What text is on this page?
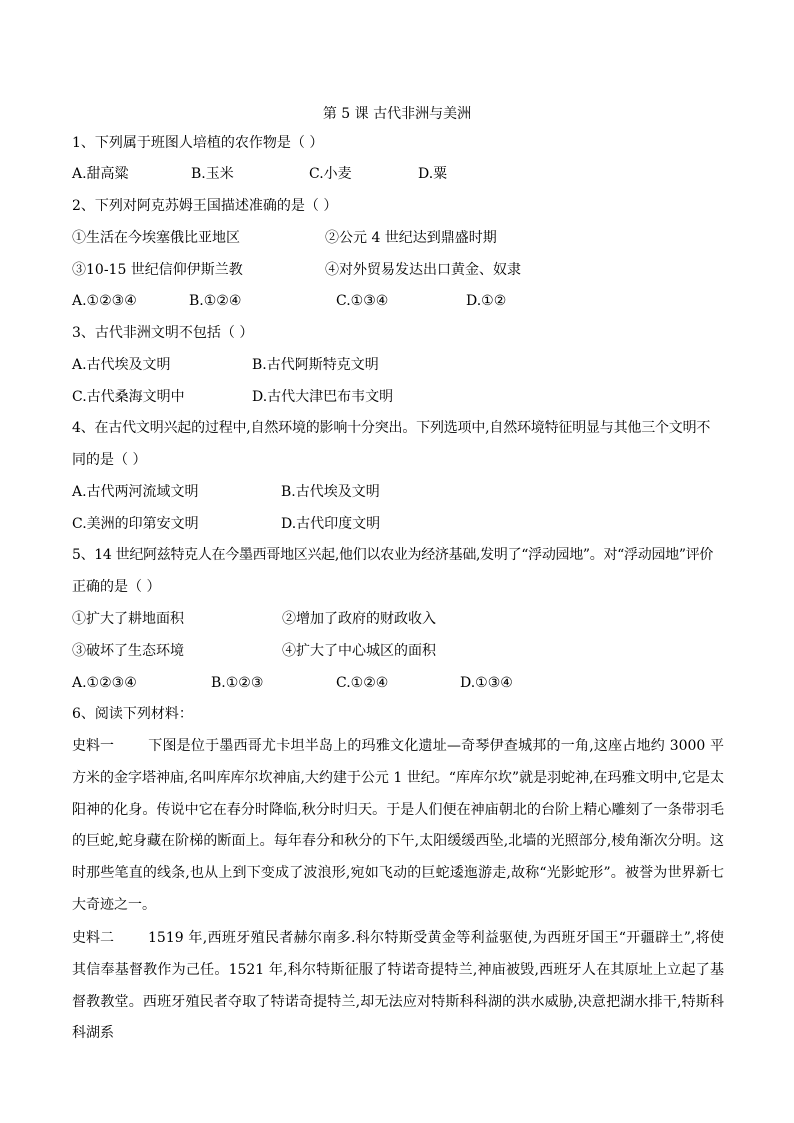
第 5 课 古代非洲与美洲
1、下列属于班图人培植的农作物是（ ）
A.甜高粱	B.玉米	C.小麦	D.粟
2、下列对阿克苏姆王国描述准确的是（ ）
①生活在今埃塞俄比亚地区	②公元 4 世纪达到鼎盛时期
③10-15 世纪信仰伊斯兰教	④对外贸易发达出口黄金、奴隶
A.①②③④	B.①②④	C.①③④	D.①②
3、古代非洲文明不包括（ ）
A.古代埃及文明	B.古代阿斯特克文明
C.古代桑海文明中	D.古代大津巴布韦文明
4、在古代文明兴起的过程中,自然环境的影响十分突出。下列选项中,自然环境特征明显与其他三个文明不
同的是（ ）
A.古代两河流域文明	B.古代埃及文明
C.美洲的印第安文明	D.古代印度文明
5、14 世纪阿兹特克人在今墨西哥地区兴起,他们以农业为经济基础,发明了“浮动园地”。对“浮动园地”评价
正确的是（ ）
①扩大了耕地面积	②增加了政府的财政收入
③破坏了生态环境	④扩大了中心城区的面积
A.①②③④	B.①②③	C.①②④	D.①③④
6、阅读下列材料：
史料一 下图是位于墨西哥尤卡坦半岛上的玛雅文化遗址—奇琴伊查城邦的一角,这座占地约 3000 平方米的金字塔神庙,名叫库库尔坎神庙,大约建于公元 1 世纪。“库库尔坎”就是羽蛇神,在玛雅文明中,它是太阳神的化身。传说中它在春分时降临,秋分时归天。于是人们便在神庙朝北的台阶上精心雕刻了一条带羽毛的巨蛇,蛇身藏在阶梯的断面上。每年春分和秋分的下午,太阳缓缓西坠,北墙的光照部分,棱角渐次分明。这时那些笔直的线条,也从上到下变成了波浪形,宛如飞动的巨蛇逶迤游走,故称“光影蛇形”。被誉为世界新七大奇迹之一。
史料二 1519 年,西班牙殖民者赫尔南多.科尔特斯受黄金等利益驱使,为西班牙国王“开疆辟土”,将使其信奉基督教作为己任。1521 年,科尔特斯征服了特诺奇提特兰,神庙被毁,西班牙人在其原址上立起了基督教教堂。西班牙殖民者夺取了特诺奇提特兰,却无法应对特斯科科湖的洪水威胁,决意把湖水排干,特斯科科湖系
